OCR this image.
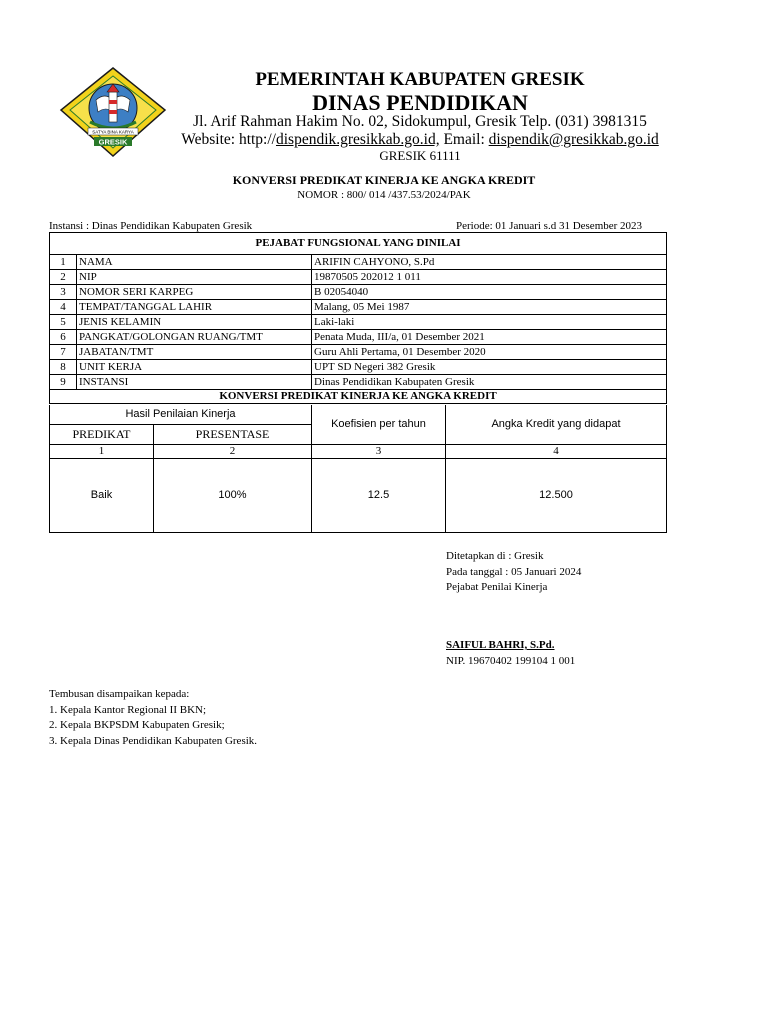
SATYA BINA KARYA
GRESIK
PEMERINTAH KABUPATEN GRESIK
DINAS PENDIDIKAN
Jl. Arif Rahman Hakim No. 02, Sidokumpul, Gresik Telp. (031) 3981315
Website: http://dispendik.gresikkab.go.id, Email: dispendik@gresikkab.go.id
GRESIK 61111
KONVERSI PREDIKAT KINERJA KE ANGKA KREDIT
NOMOR : 800/ 014 /437.53/2024/PAK
Instansi : Dinas Pendidikan Kabupaten Gresik	Periode: 01 Januari s.d 31 Desember 2023
PEJABAT FUNGSIONAL YANG DINILAI		
1	NAMA	ARIFIN CAHYONO, S.Pd
2	NIP	19870505 202012 1 011
3	NOMOR SERI KARPEG	B 02054040
4	TEMPAT/TANGGAL LAHIR	Malang, 05 Mei 1987
5	JENIS KELAMIN	Laki-laki
6	PANGKAT/GOLONGAN RUANG/TMT	Penata Muda, III/a, 01 Desember 2021
7	JABATAN/TMT	Guru Ahli Pertama, 01 Desember 2020
8	UNIT KERJA	UPT SD Negeri 382 Gresik
9	INSTANSI	Dinas Pendidikan Kabupaten Gresik
KONVERSI PREDIKAT KINERJA KE ANGKA KREDIT		
Hasil Penilaian Kinerja		Koefisien per tahun	Angka Kredit yang didapat
PREDIKAT	PRESENTASE		
1	2	3	4
Baik	100%	12.5	12.500
Ditetapkan di : Gresik
Pada tanggal : 05 Januari 2024
Pejabat Penilai Kinerja
SAIFUL BAHRI, S.Pd.
NIP. 19670402 199104 1 001
Tembusan disampaikan kepada:
1. Kepala Kantor Regional II BKN;
2. Kepala BKPSDM Kabupaten Gresik;
3. Kepala Dinas Pendidikan Kabupaten Gresik.
